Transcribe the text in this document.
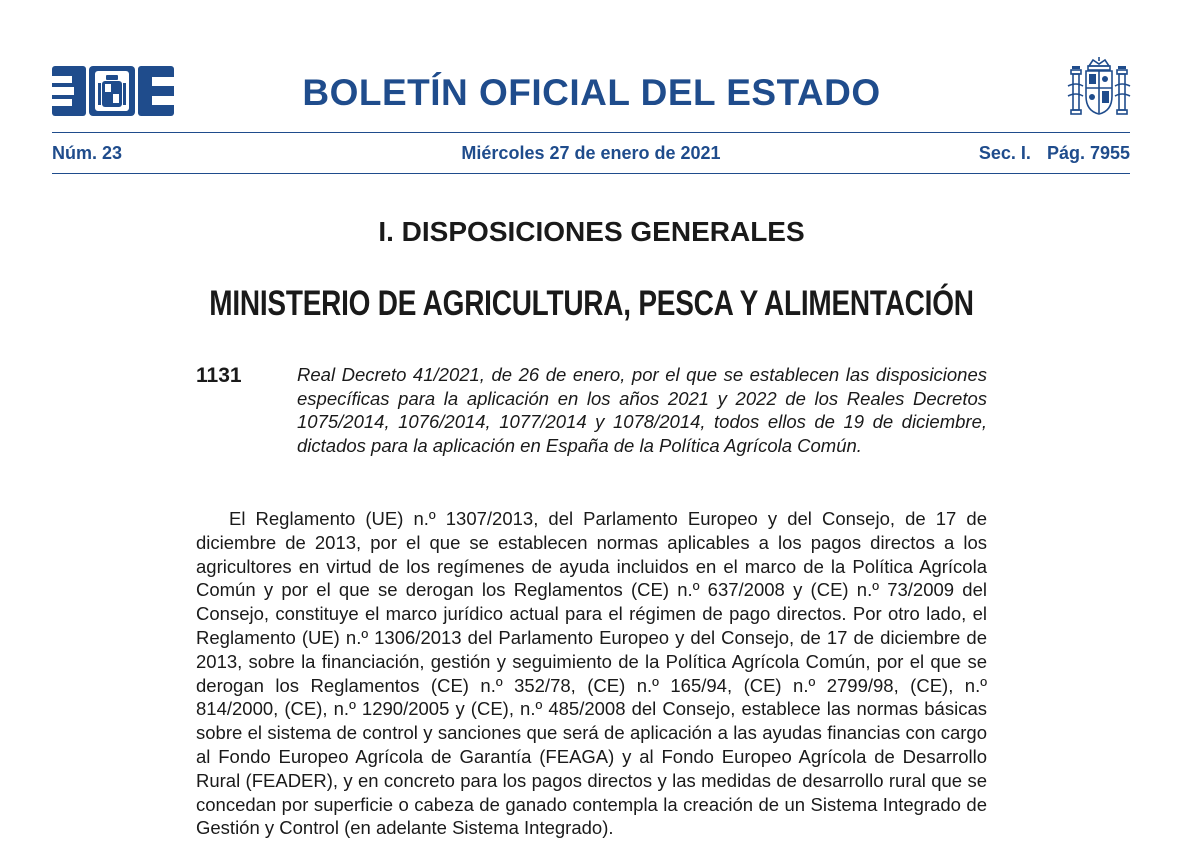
BOLETÍN OFICIAL DEL ESTADO
Núm. 23	Miércoles 27 de enero de 2021	Sec. I. Pág. 7955
I. DISPOSICIONES GENERALES
MINISTERIO DE AGRICULTURA, PESCA Y ALIMENTACIÓN
1131	Real Decreto 41/2021, de 26 de enero, por el que se establecen las disposiciones específicas para la aplicación en los años 2021 y 2022 de los Reales Decretos 1075/2014, 1076/2014, 1077/2014 y 1078/2014, todos ellos de 19 de diciembre, dictados para la aplicación en España de la Política Agrícola Común.

El Reglamento (UE) n.º 1307/2013, del Parlamento Europeo y del Consejo, de 17 de diciembre de 2013, por el que se establecen normas aplicables a los pagos directos a los agricultores en virtud de los regímenes de ayuda incluidos en el marco de la Política Agrícola Común y por el que se derogan los Reglamentos (CE) n.º 637/2008 y (CE) n.º 73/2009 del Consejo, constituye el marco jurídico actual para el régimen de pago directos. Por otro lado, el Reglamento (UE) n.º 1306/2013 del Parlamento Europeo y del Consejo, de 17 de diciembre de 2013, sobre la financiación, gestión y seguimiento de la Política Agrícola Común, por el que se derogan los Reglamentos (CE) n.º 352/78, (CE) n.º 165/94, (CE) n.º 2799/98, (CE), n.º 814/2000, (CE), n.º 1290/2005 y (CE), n.º 485/2008 del Consejo, establece las normas básicas sobre el sistema de control y sanciones que será de aplicación a las ayudas financias con cargo al Fondo Europeo Agrícola de Garantía (FEAGA) y al Fondo Europeo Agrícola de Desarrollo Rural (FEADER), y en concreto para los pagos directos y las medidas de desarrollo rural que se concedan por superficie o cabeza de ganado contempla la creación de un Sistema Integrado de Gestión y Control (en adelante Sistema Integrado).
